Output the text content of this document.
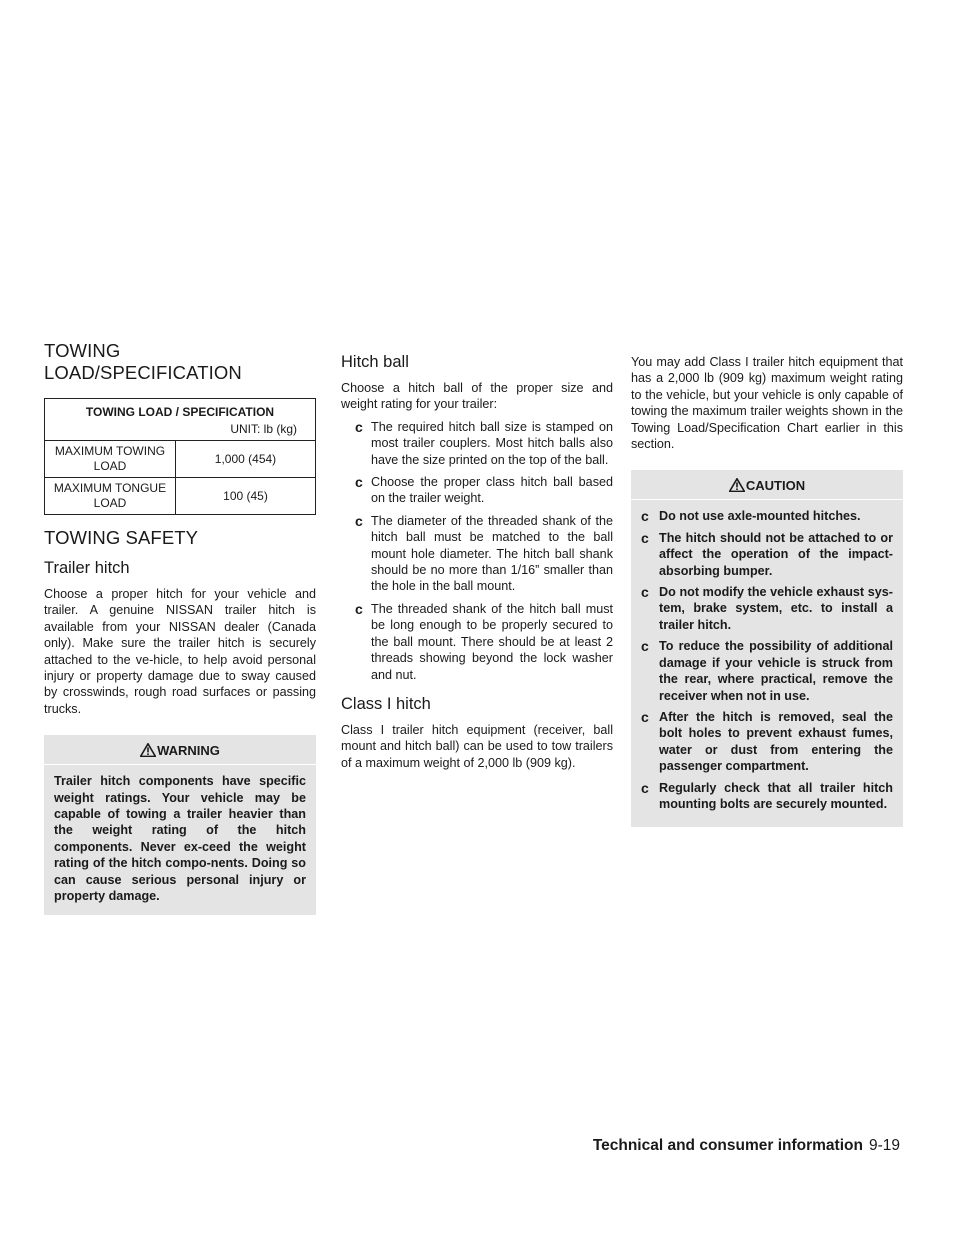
TOWING LOAD/SPECIFICATION
TOWING LOAD / SPECIFICATION	
UNIT: lb (kg)	
MAXIMUM TOWING
LOAD	1,000 (454)
MAXIMUM TONGUE
LOAD	100 (45)
TOWING SAFETY
Trailer hitch

Choose a proper hitch for your vehicle and trailer. A genuine NISSAN trailer hitch is available from your NISSAN dealer (Canada only). Make sure the trailer hitch is securely attached to the ve-hicle, to help avoid personal injury or property damage due to sway caused by crosswinds, rough road surfaces or passing trucks.

WARNING

Trailer hitch components have specific weight ratings. Your vehicle may be capable of towing a trailer heavier than the weight rating of the hitch components. Never ex-ceed the weight rating of the hitch compo-nents. Doing so can cause serious personal injury or property damage.

Hitch ball

Choose a hitch ball of the proper size and weight rating for your trailer:

c The required hitch ball size is stamped on most trailer couplers. Most hitch balls also have the size printed on the top of the ball.
c Choose the proper class hitch ball based on the trailer weight.
c The diameter of the threaded shank of the hitch ball must be matched to the ball mount hole diameter. The hitch ball shank should be no more than 1/16” smaller than the hole in the ball mount.
c The threaded shank of the hitch ball must be long enough to be properly secured to the ball mount. There should be at least 2 threads showing beyond the lock washer and nut.
Class I hitch

Class I trailer hitch equipment (receiver, ball mount and hitch ball) can be used to tow trailers of a maximum weight of 2,000 lb (909 kg).

You may add Class I trailer hitch equipment that has a 2,000 lb (909 kg) maximum weight rating to the vehicle, but your vehicle is only capable of towing the maximum trailer weights shown in the Towing Load/Specification Chart earlier in this section.

CAUTION
c Do not use axle-mounted hitches.
c The hitch should not be attached to or affect the operation of the impact-absorbing bumper.
c Do not modify the vehicle exhaust sys-tem, brake system, etc. to install a trailer hitch.
c To reduce the possibility of additional damage if your vehicle is struck from the rear, where practical, remove the receiver when not in use.
c After the hitch is removed, seal the bolt holes to prevent exhaust fumes, water or dust from entering the passenger compartment.
c Regularly check that all trailer hitch mounting bolts are securely mounted.
Technical and consumer information 9-19
